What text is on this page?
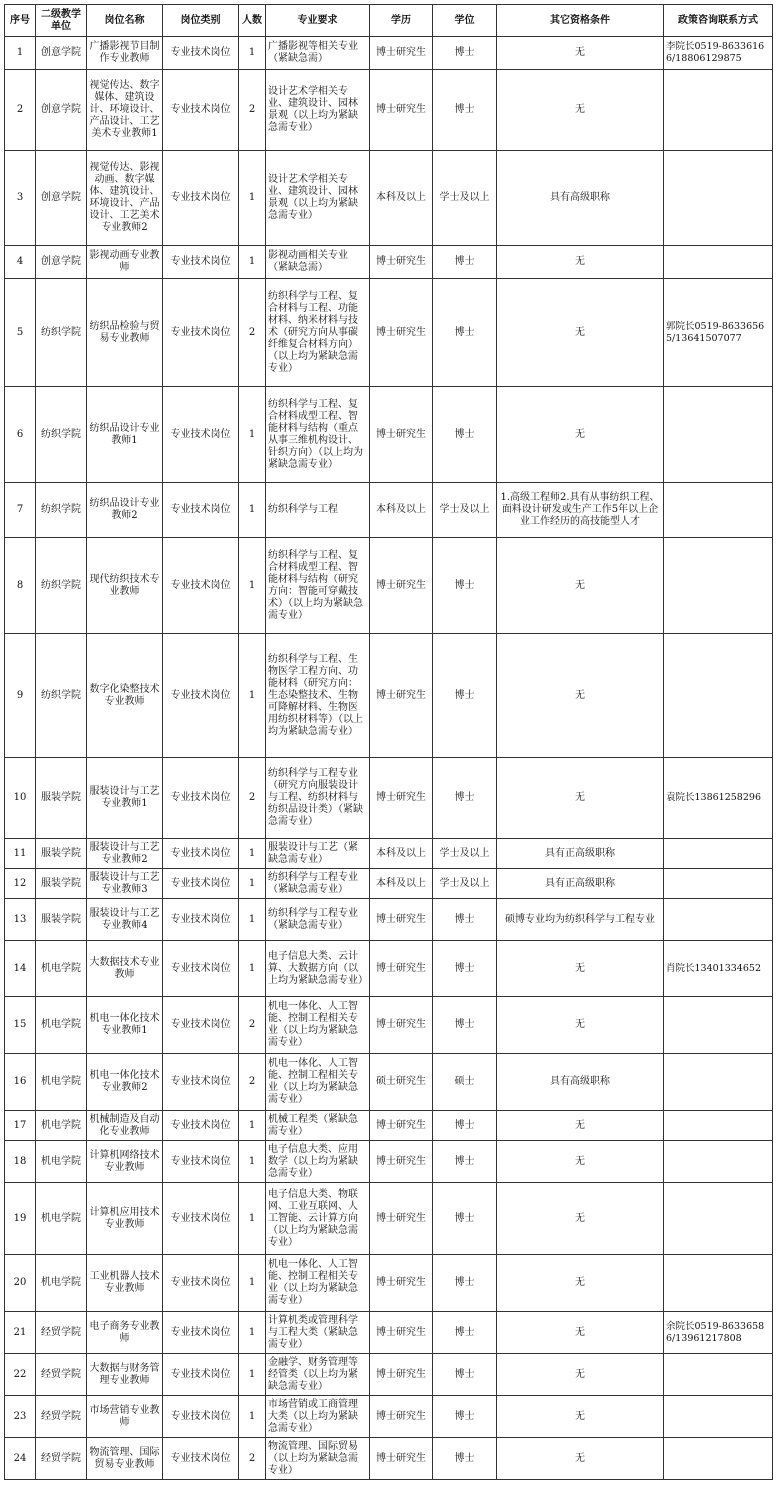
序号	二级教学单位	岗位名称	岗位类别	人数	专业要求	学历	学位	其它资格条件	政策咨询联系方式
1	创意学院	广播影视节目制作专业教师	专业技术岗位	1	广播影视等相关专业（紧缺急需）	博士研究生	博士	无	李院长0519-86336166/18806129875
2	创意学院	视觉传达、数字媒体、建筑设计、环境设计、产品设计、工艺美术专业教师1	专业技术岗位	2	设计艺术学相关专业、建筑设计、园林景观（以上均为紧缺急需专业）	博士研究生	博士	无	
3	创意学院	视觉传达、影视动画、数字媒体、建筑设计、环境设计、产品设计、工艺美术专业教师2	专业技术岗位	1	设计艺术学相关专业、建筑设计、园林景观（以上均为紧缺急需专业）	本科及以上	学士及以上	具有高级职称	
4	创意学院	影视动画专业教师	专业技术岗位	1	影视动画相关专业（紧缺急需）	博士研究生	博士	无	
5	纺织学院	纺织品检验与贸易专业教师	专业技术岗位	2	纺织科学与工程、复合材料与工程、功能材料、纳米材料与技术（研究方向从事碳纤维复合材料方向）（以上均为紧缺急需专业）	博士研究生	博士	无	郭院长0519-86336565/13641507077
6	纺织学院	纺织品设计专业教师1	专业技术岗位	1	纺织科学与工程、复合材料成型工程、智能材料与结构（重点从事三维机构设计、针织方向）（以上均为紧缺急需专业）	博士研究生	博士	无	
7	纺织学院	纺织品设计专业教师2	专业技术岗位	1	纺织科学与工程	本科及以上	学士及以上	1.高级工程师2.具有从事纺织工程、面料设计研发或生产工作5年以上企业工作经历的高技能型人才	
8	纺织学院	现代纺织技术专业教师	专业技术岗位	1	纺织科学与工程、复合材料成型工程、智能材料与结构（研究方向：智能可穿戴技术）（以上均为紧缺急需专业）	博士研究生	博士	无	
9	纺织学院	数字化染整技术专业教师	专业技术岗位	1	纺织科学与工程、生物医学工程方向、功能材料（研究方向：生态染整技术、生物可降解材料、生物医用纺织材料等）（以上均为紧缺急需专业）	博士研究生	博士	无	
10	服装学院	服装设计与工艺专业教师1	专业技术岗位	2	纺织科学与工程专业（研究方向服装设计与工程、纺织材料与纺织品设计类）（紧缺急需专业）	博士研究生	博士	无	袁院长13861258296
11	服装学院	服装设计与工艺专业教师2	专业技术岗位	1	服装设计与工艺（紧缺急需专业）	本科及以上	学士及以上	具有正高级职称	
12	服装学院	服装设计与工艺专业教师3	专业技术岗位	1	纺织科学与工程专业（紧缺急需专业）	本科及以上	学士及以上	具有正高级职称	
13	服装学院	服装设计与工艺专业教师4	专业技术岗位	1	纺织科学与工程专业（紧缺急需专业）	博士研究生	博士	硕博专业均为纺织科学与工程专业	
14	机电学院	大数据技术专业教师	专业技术岗位	1	电子信息大类、云计算、大数据方向（以上均为紧缺急需专业）	博士研究生	博士	无	肖院长13401334652
15	机电学院	机电一体化技术专业教师1	专业技术岗位	2	机电一体化、人工智能、控制工程相关专业（以上均为紧缺急需专业）	博士研究生	博士	无	
16	机电学院	机电一体化技术专业教师2	专业技术岗位	2	机电一体化、人工智能、控制工程相关专业（以上均为紧缺急需专业）	硕士研究生	硕士	具有高级职称	
17	机电学院	机械制造及自动化专业教师	专业技术岗位	1	机械工程类（紧缺急需专业）	博士研究生	博士	无	
18	机电学院	计算机网络技术专业教师	专业技术岗位	1	电子信息大类、应用数学（以上均为紧缺急需专业）	博士研究生	博士	无	
19	机电学院	计算机应用技术专业教师	专业技术岗位	1	电子信息大类、物联网、工业互联网、人工智能、云计算方向（以上均为紧缺急需专业）	博士研究生	博士	无	
20	机电学院	工业机器人技术专业教师	专业技术岗位	1	机电一体化、人工智能、控制工程相关专业（以上均为紧缺急需专业）	博士研究生	博士	无	
21	经贸学院	电子商务专业教师	专业技术岗位	1	计算机类或管理科学与工程大类（紧缺急需专业）	博士研究生	博士	无	余院长0519-86336586/13961217808
22	经贸学院	大数据与财务管理专业教师	专业技术岗位	1	金融学、财务管理等经管类（以上均为紧缺急需专业）	博士研究生	博士	无	
23	经贸学院	市场营销专业教师	专业技术岗位	1	市场营销或工商管理大类（以上均为紧缺急需专业）	博士研究生	博士	无	
24	经贸学院	物流管理、国际贸易专业教师	专业技术岗位	2	物流管理、国际贸易（以上均为紧缺急需专业）	博士研究生	博士	无	
